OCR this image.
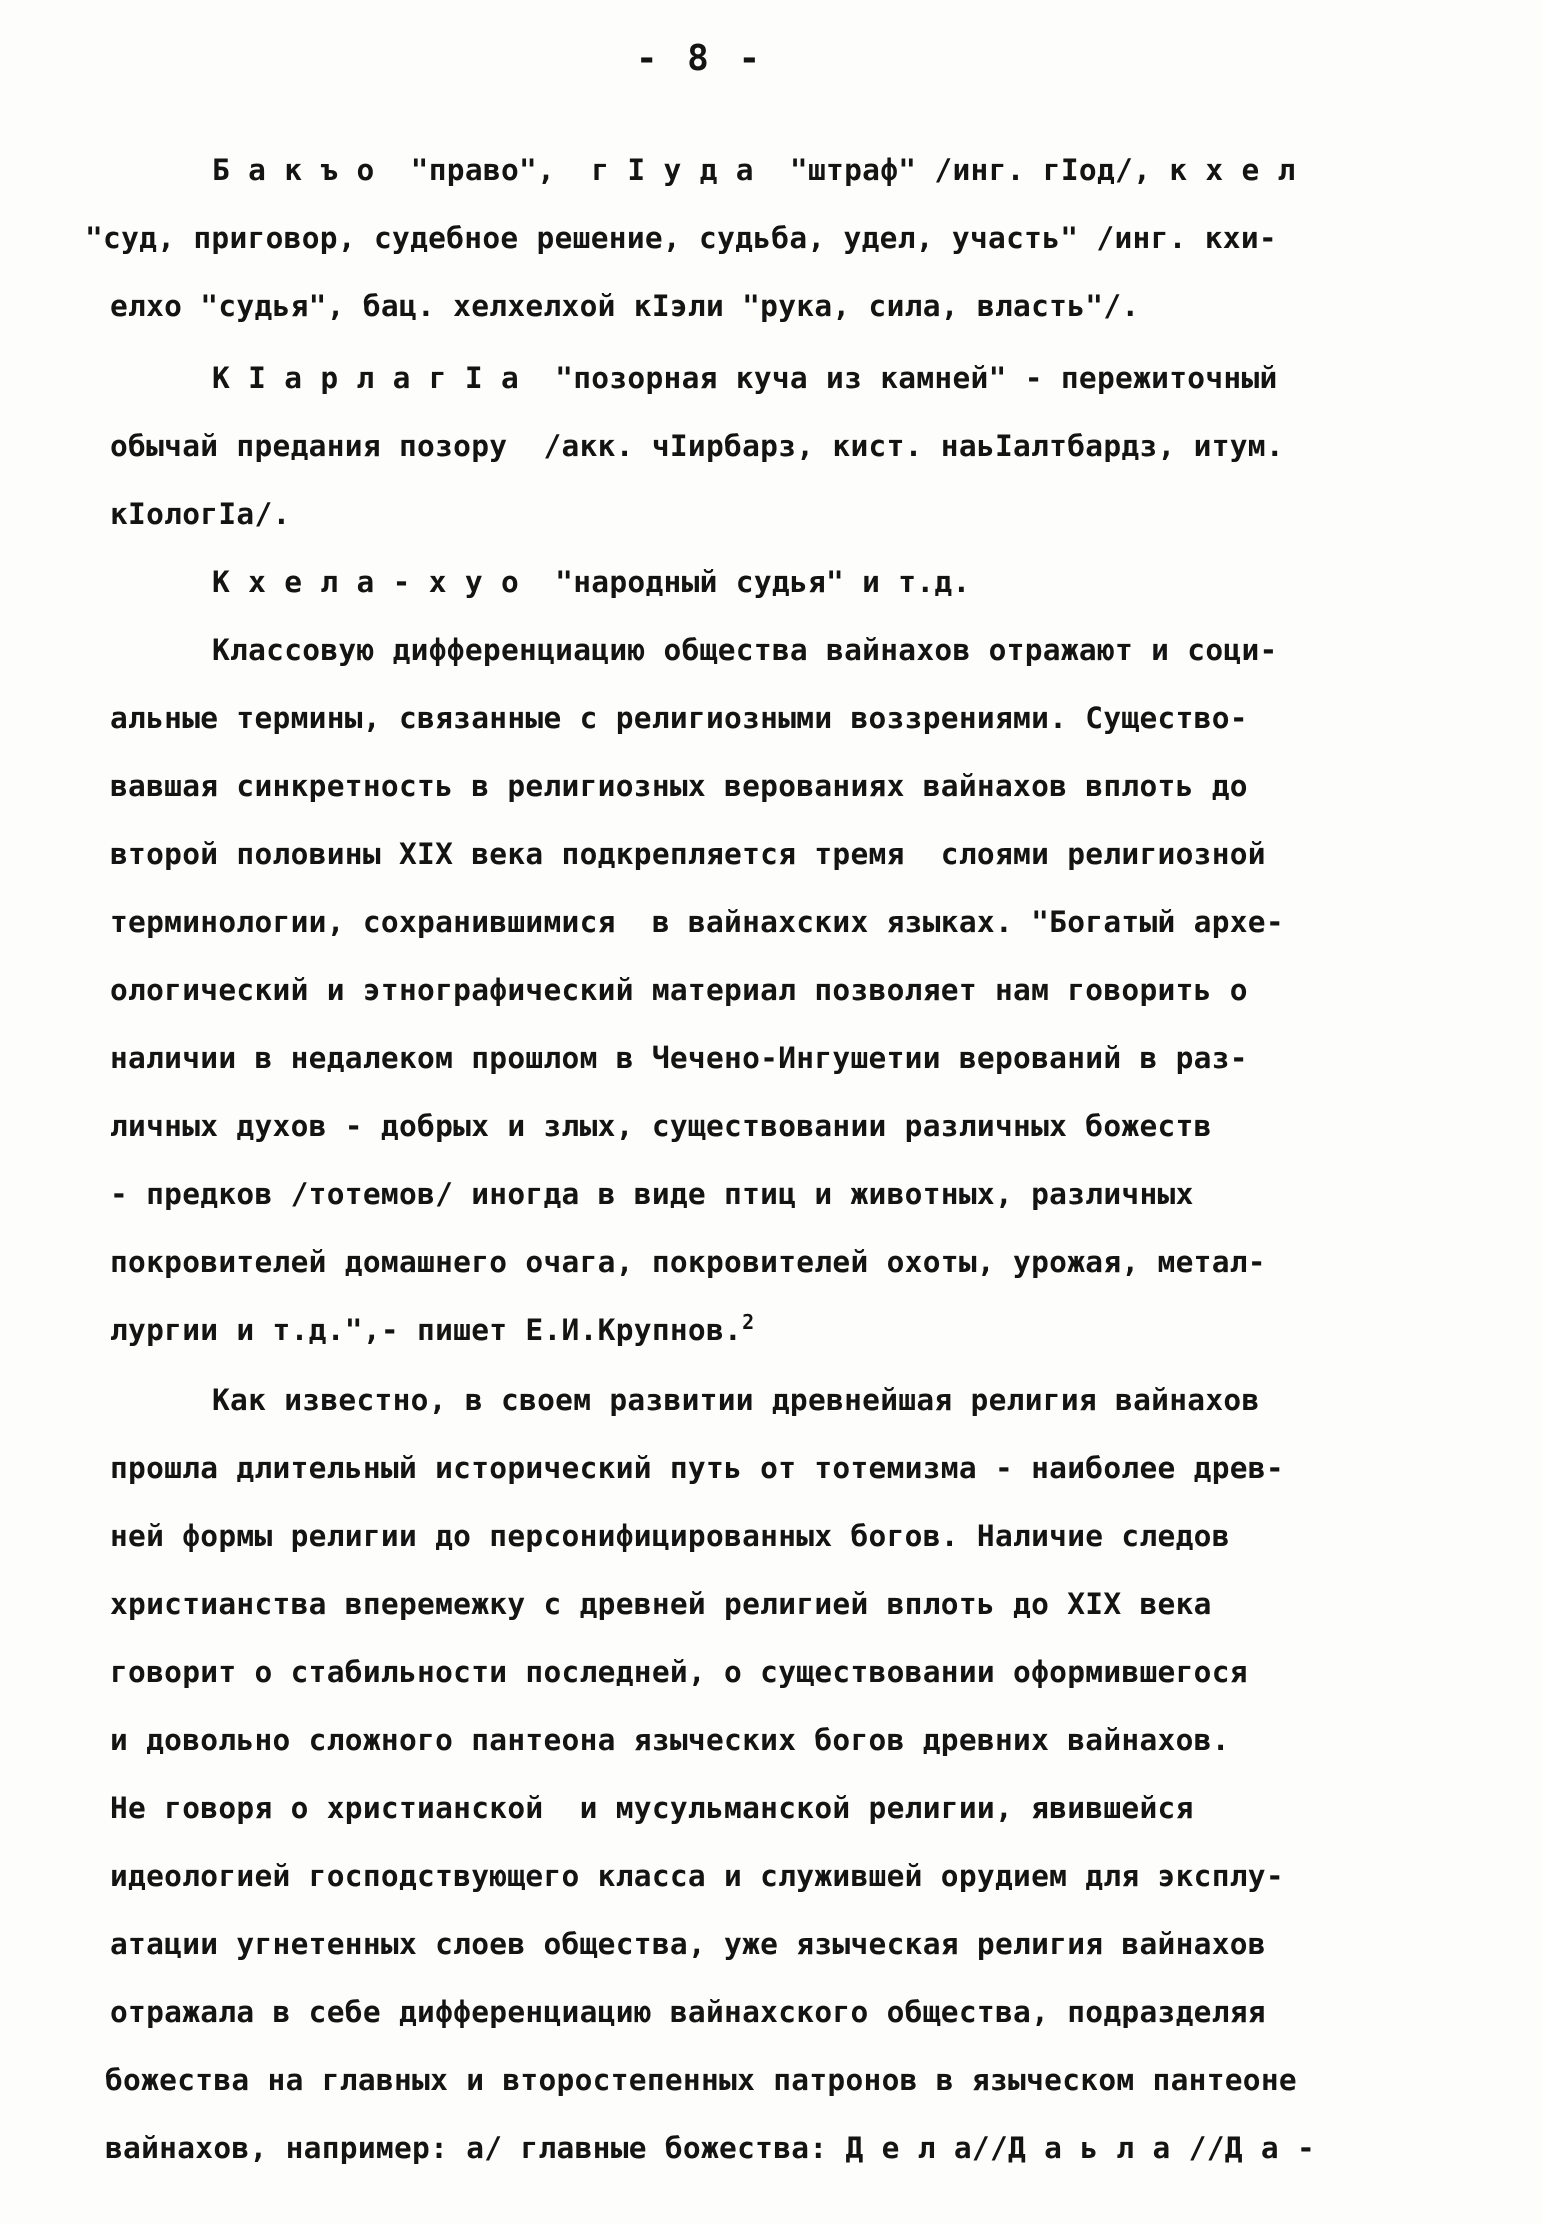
- 8 -
Б а к ъ о  "право",  г I у д а  "штраф" /инг. гIод/, к х е л
"суд, приговор, судебное решение, судьба, удел, участь" /инг. кхи-
елхо "судья", бац. хелхелхой кIэли "рука, сила, власть"/.
К I а р л а г I а  "позорная куча из камней" - пережиточный
обычай предания позору  /акк. чIирбарз, кист. наьIалтбардз, итум.
кIологIа/.
К х е л а - х у о  "народный судья" и т.д.
Классовую дифференциацию общества вайнахов отражают и соци-
альные термины, связанные с религиозными воззрениями. Существо-
вавшая синкретность в религиозных верованиях вайнахов вплоть до
второй половины XIX века подкрепляется тремя  слоями религиозной
терминологии, сохранившимися  в вайнахских языках. "Богатый архе-
ологический и этнографический материал позволяет нам говорить о
наличии в недалеком прошлом в Чечено-Ингушетии верований в раз-
личных духов - добрых и злых, существовании различных божеств
- предков /тотемов/ иногда в виде птиц и животных, различных
покровителей домашнего очага, покровителей охоты, урожая, метал-
лургии и т.д.",- пишет Е.И.Крупнов.$^2$
Как известно, в своем развитии древнейшая религия вайнахов
прошла длительный исторический путь от тотемизма - наиболее древ-
ней формы религии до персонифицированных богов. Наличие следов
христианства вперемежку с древней религией вплоть до XIX века
говорит о стабильности последней, о существовании оформившегося
и довольно сложного пантеона языческих богов древних вайнахов.
Не говоря о христианской  и мусульманской религии, явившейся
идеологией господствующего класса и служившей орудием для эксплу-
атации угнетенных слоев общества, уже языческая религия вайнахов
отражала в себе дифференциацию вайнахского общества, подразделяя
божества на главных и второстепенных патронов в языческом пантеоне
вайнахов, например: а/ главные божества: Д е л а//Д а ь л а //Д а -
